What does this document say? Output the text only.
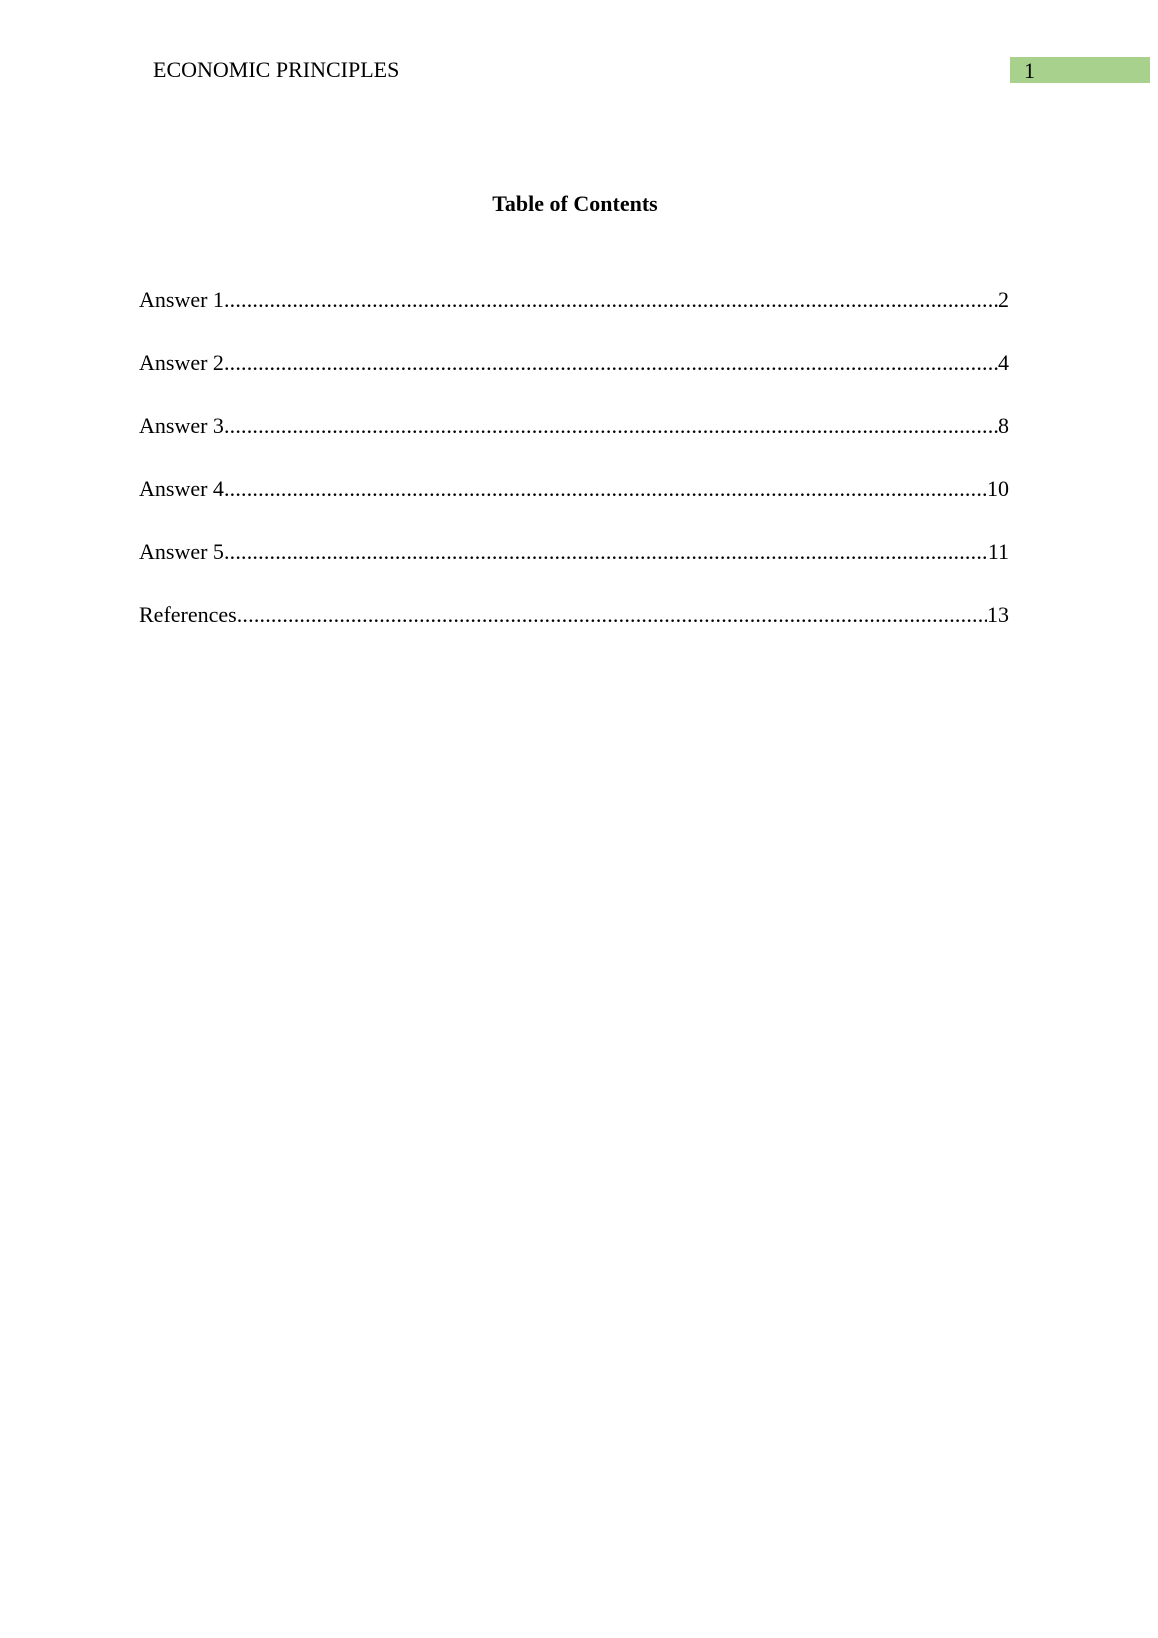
ECONOMIC PRINCIPLES	1
Table of Contents
Answer 1 .....	2
Answer 2 .....	4
Answer 3 .....	8
Answer 4 .....	10
Answer 5 .....	11
References .....	13
